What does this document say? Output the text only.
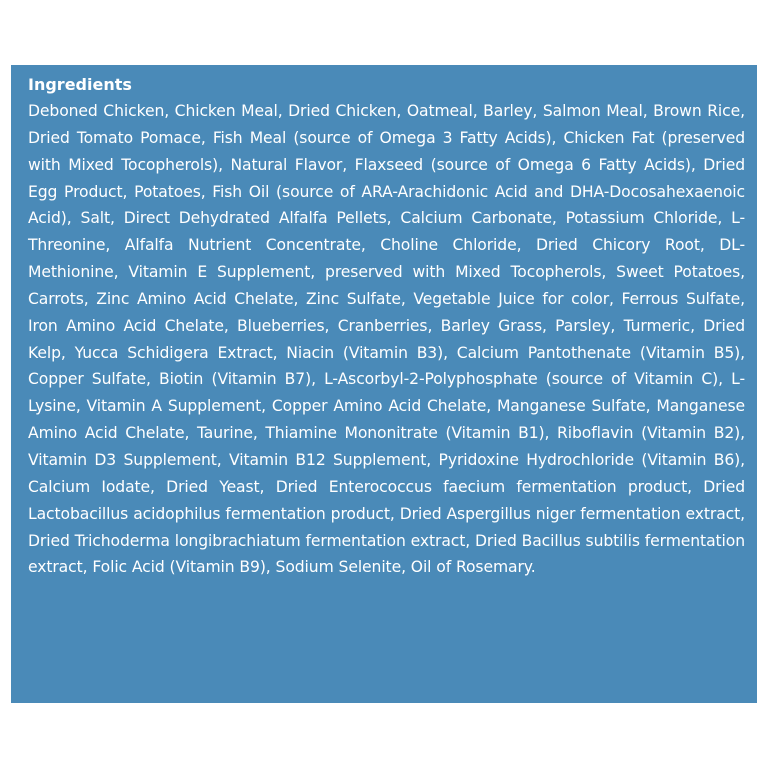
Ingredients

Deboned Chicken, Chicken Meal, Dried Chicken, Oatmeal, Barley, Salmon Meal, Brown Rice, Dried Tomato Pomace, Fish Meal (source of Omega 3 Fatty Acids), Chicken Fat (preserved with Mixed Tocopherols), Natural Flavor, Flaxseed (source of Omega 6 Fatty Acids), Dried Egg Product, Potatoes, Fish Oil (source of ARA-Arachidonic Acid and DHA-Docosahexaenoic Acid), Salt, Direct Dehydrated Alfalfa Pellets, Calcium Carbonate, Potassium Chloride, L-Threonine, Alfalfa Nutrient Concentrate, Choline Chloride, Dried Chicory Root, DL-Methionine, Vitamin E Supplement, preserved with Mixed Tocopherols, Sweet Potatoes, Carrots, Zinc Amino Acid Chelate, Zinc Sulfate, Vegetable Juice for color, Ferrous Sulfate, Iron Amino Acid Chelate, Blueberries, Cranberries, Barley Grass, Parsley, Turmeric, Dried Kelp, Yucca Schidigera Extract, Niacin (Vitamin B3), Calcium Pantothenate (Vitamin B5), Copper Sulfate, Biotin (Vitamin B7), L-Ascorbyl-2-Polyphosphate (source of Vitamin C), L-Lysine, Vitamin A Supplement, Copper Amino Acid Chelate, Manganese Sulfate, Manganese Amino Acid Chelate, Taurine, Thiamine Mononitrate (Vitamin B1), Riboflavin (Vitamin B2), Vitamin D3 Supplement, Vitamin B12 Supplement, Pyridoxine Hydrochloride (Vitamin B6), Calcium Iodate, Dried Yeast, Dried Enterococcus faecium fermentation product, Dried Lactobacillus acidophilus fermentation product, Dried Aspergillus niger fermentation extract, Dried Trichoderma longibrachiatum fermentation extract, Dried Bacillus subtilis fermentation extract, Folic Acid (Vitamin B9), Sodium Selenite, Oil of Rosemary.
